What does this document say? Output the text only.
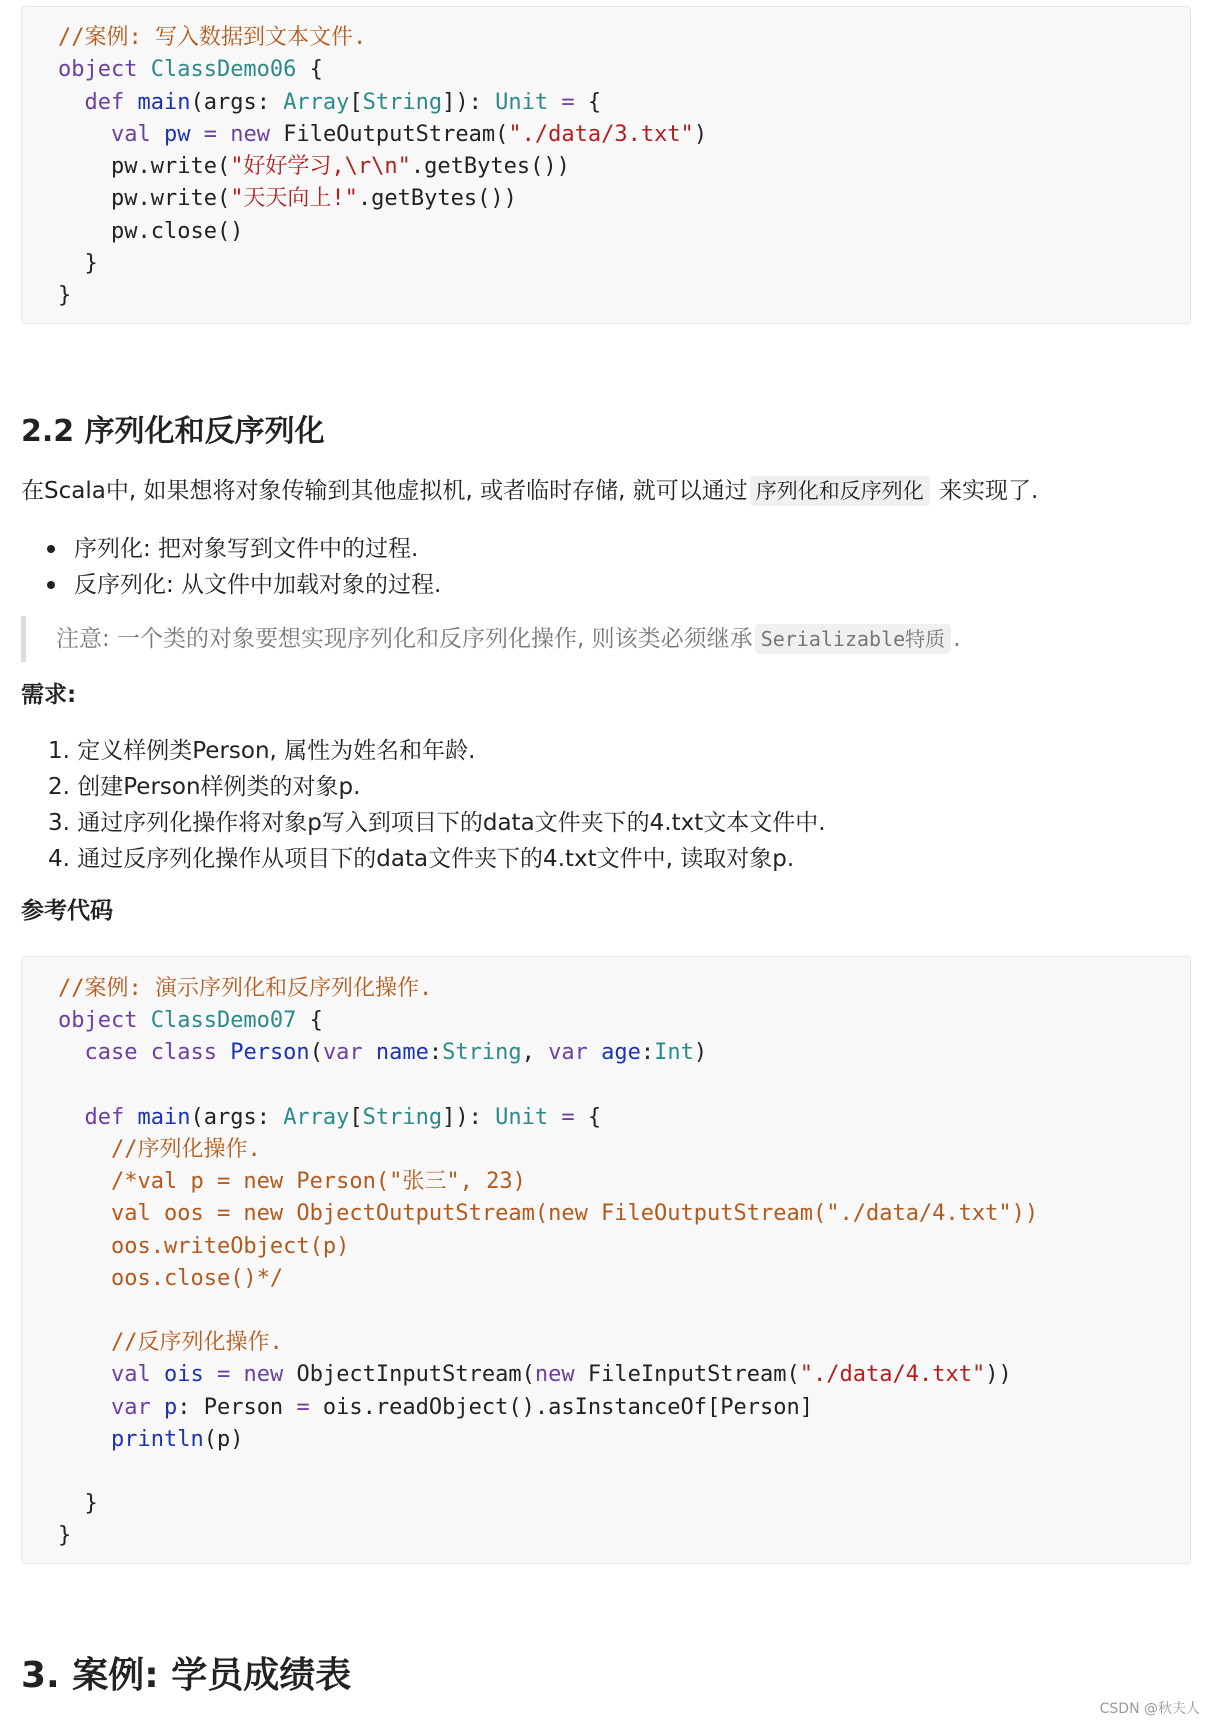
//案例: 写入数据到文本文件.
object ClassDemo06 {
def main(args: Array[String]): Unit = {
val pw = new FileOutputStream("./data/3.txt")
pw.write("好好学习,\r\n".getBytes())
pw.write("天天向上!".getBytes())
pw.close()
}
}
2.2 序列化和反序列化

在Scala中, 如果想将对象传输到其他虚拟机, 或者临时存储, 就可以通过 序列化和反序列化 来实现了.

序列化: 把对象写到文件中的过程.
反序列化: 从文件中加载对象的过程.
注意: 一个类的对象要想实现序列化和反序列化操作, 则该类必须继承 Serializable特质 .
需求:
1. 定义样例类Person, 属性为姓名和年龄.
2. 创建Person样例类的对象p.
3. 通过序列化操作将对象p写入到项目下的data文件夹下的4.txt文本文件中.
4. 通过反序列化操作从项目下的data文件夹下的4.txt文件中, 读取对象p.
参考代码
//案例: 演示序列化和反序列化操作.
object ClassDemo07 {
case class Person(var name:String, var age:Int)
def main(args: Array[String]): Unit = {
//序列化操作.
/*val p = new Person("张三", 23)
val oos = new ObjectOutputStream(new FileOutputStream("./data/4.txt"))
oos.writeObject(p)
oos.close()*/
//反序列化操作.
val ois = new ObjectInputStream(new FileInputStream("./data/4.txt"))
var p: Person = ois.readObject().asInstanceOf[Person]
println(p)
}
}
3. 案例: 学员成绩表
CSDN @秋夫人
